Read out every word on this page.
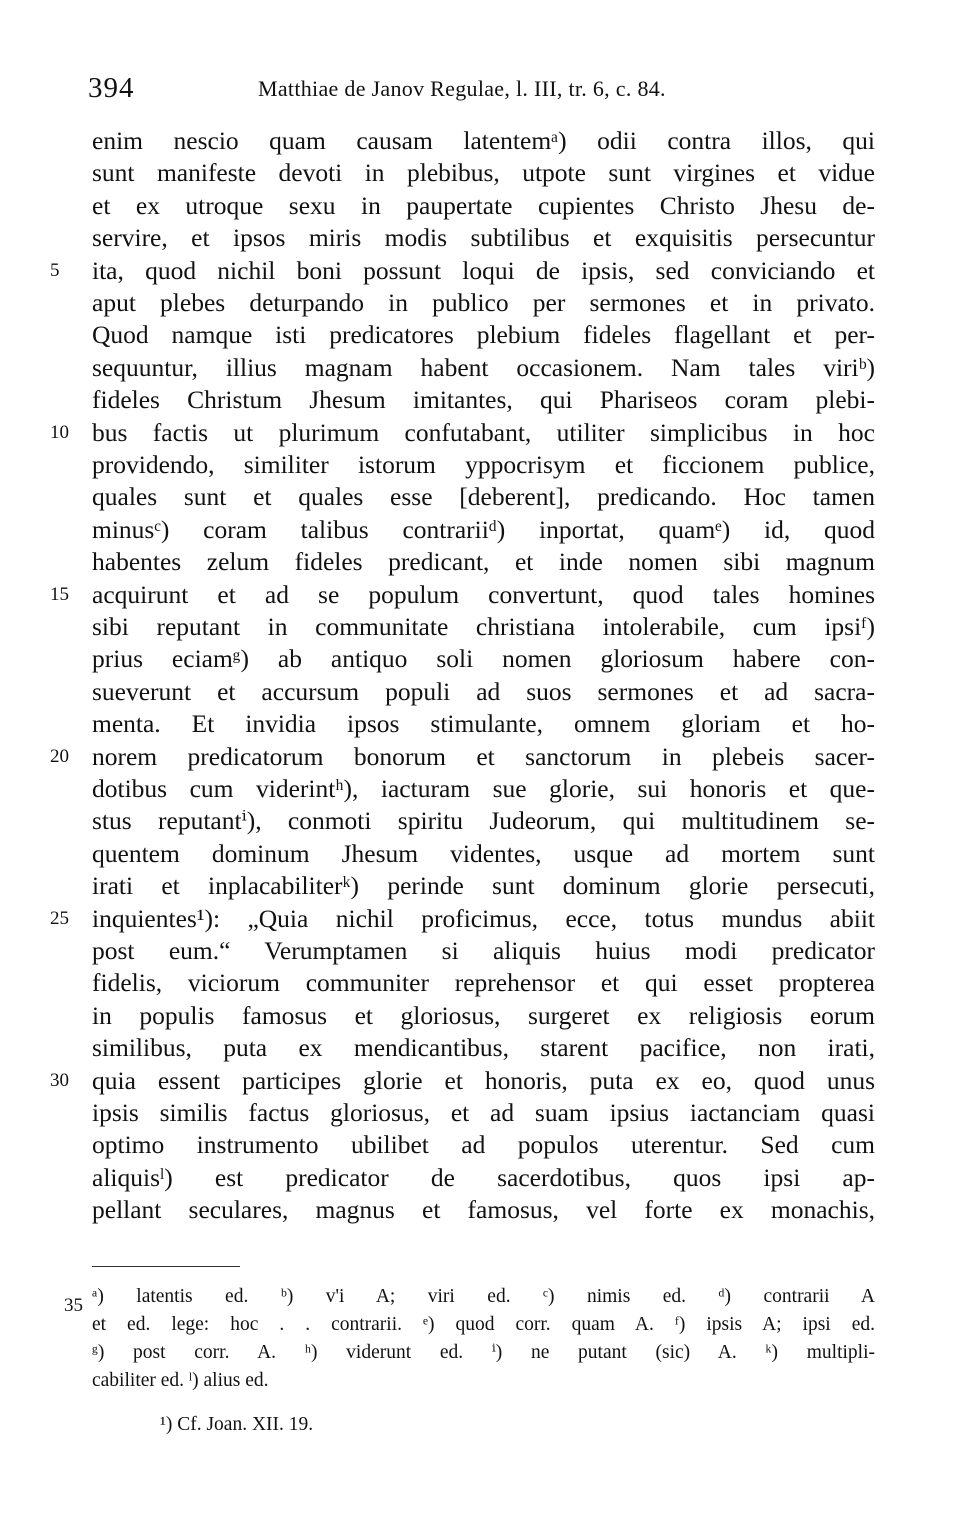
394	Matthiae de Janov Regulae, l. III, tr. 6, c. 84.
enim nescio quam causam latentemᵃ) odii contra illos, qui
sunt manifeste devoti in plebibus, utpote sunt virgines et vidue
et ex utroque sexu in paupertate cupientes Christo Jhesu de-
servire, et ipsos miris modis subtilibus et exquisitis persecuntur
ita, quod nichil boni possunt loqui de ipsis, sed conviciando et
aput plebes deturpando in publico per sermones et in privato.
Quod namque isti predicatores plebium fideles flagellant et per-
sequuntur, illius magnam habent occasionem. Nam tales viriᵇ)
fideles Christum Jhesum imitantes, qui Phariseos coram plebi-
bus factis ut plurimum confutabant, utiliter simplicibus in hoc
providendo, similiter istorum yppocrisym et ficcionem publice,
quales sunt et quales esse [deberent], predicando. Hoc tamen
minusᶜ) coram talibus contrariiᵈ) inportat, quamᵉ) id, quod
habentes zelum fideles predicant, et inde nomen sibi magnum
acquirunt et ad se populum convertunt, quod tales homines
sibi reputant in communitate christiana intolerabile, cum ipsiᶠ)
prius eciamᵍ) ab antiquo soli nomen gloriosum habere con-
sueverunt et accursum populi ad suos sermones et ad sacra-
menta. Et invidia ipsos stimulante, omnem gloriam et ho-
norem predicatorum bonorum et sanctorum in plebeis sacer-
dotibus cum viderintʰ), iacturam sue glorie, sui honoris et que-
stus reputantⁱ), conmoti spiritu Judeorum, qui multitudinem se-
quentem dominum Jhesum videntes, usque ad mortem sunt
irati et inplacabiliterᵏ) perinde sunt dominum glorie persecuti,
inquientes¹): „Quia nichil proficimus, ecce, totus mundus abiit
post eum.“ Verumptamen si aliquis huius modi predicator
fidelis, viciorum communiter reprehensor et qui esset propterea
in populis famosus et gloriosus, surgeret ex religiosis eorum
similibus, puta ex mendicantibus, starent pacifice, non irati,
quia essent participes glorie et honoris, puta ex eo, quod unus
ipsis similis factus gloriosus, et ad suam ipsius iactanciam quasi
optimo instrumento ubilibet ad populos uterentur. Sed cum
aliquisˡ) est predicator de sacerdotibus, quos ipsi ap-
pellant seculares, magnus et famosus, vel forte ex monachis,
5
10
15
20
25
30
35 ᵃ) latentis ed. ᵇ) v'i A; viri ed. ᶜ) nimis ed. ᵈ) contrarii A
et ed. lege: hoc . . contrarii. ᵉ) quod corr. quam A. ᶠ) ipsis A; ipsi ed.
ᵍ) post corr. A. ʰ) viderunt ed. ⁱ) ne putant (sic) A. ᵏ) multipli-
cabiliter ed. ˡ) alius ed.
¹) Cf. Joan. XII. 19.
